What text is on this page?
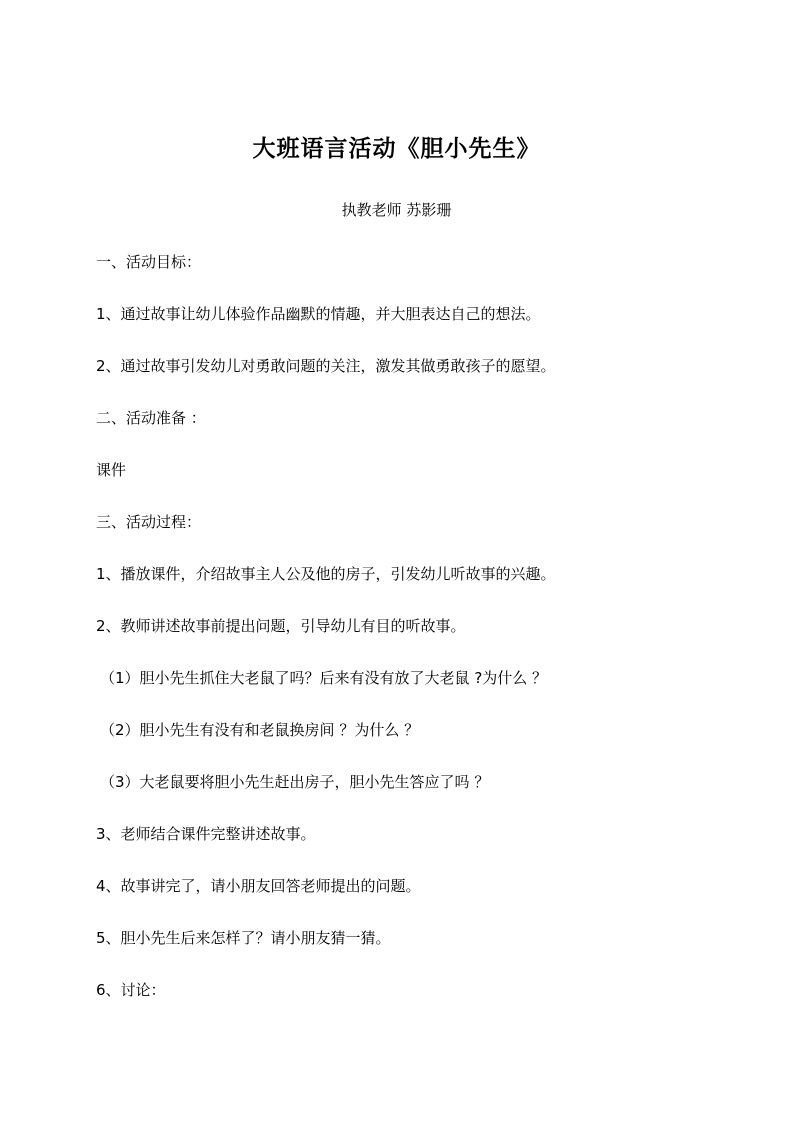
大班语言活动《胆小先生》
执教老师 苏影珊
一、活动目标：
1、通过故事让幼儿体验作品幽默的情趣，并大胆表达自己的想法。
2、通过故事引发幼儿对勇敢问题的关注，激发其做勇敢孩子的愿望。
二、活动准备 ：
课件
三、活动过程：
1、播放课件，介绍故事主人公及他的房子，引发幼儿听故事的兴趣。
2、教师讲述故事前提出问题，引导幼儿有目的听故事。
（1）胆小先生抓住大老鼠了吗？后来有没有放了大老鼠 ?为什么 ？
（2）胆小先生有没有和老鼠换房间 ？为什么 ？
（3）大老鼠要将胆小先生赶出房子，胆小先生答应了吗 ？
3、老师结合课件完整讲述故事。
4、故事讲完了，请小朋友回答老师提出的问题。
5、胆小先生后来怎样了？请小朋友猜一猜。
6、讨论：
